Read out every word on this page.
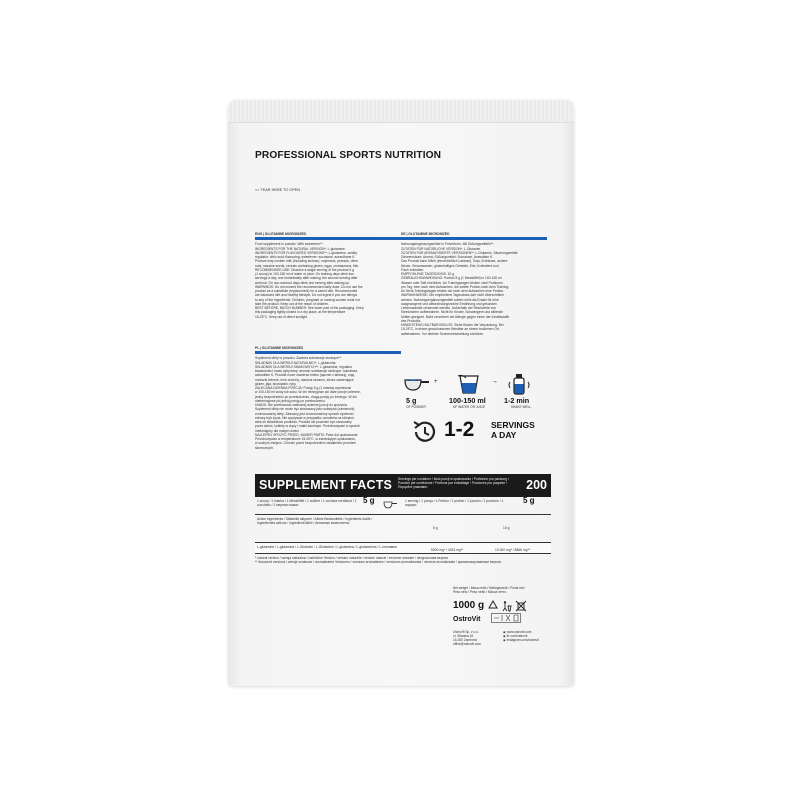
PROFESSIONAL SPORTS NUTRITION
<< TEAR HERE TO OPEN
ENG | GLUTAMINE MICRONIZED

Food supplement in powder. With sweetener**.

INGREDIENTS FOR THE NATURAL VERSION*: L-glutamine.

INGREDIENTS FOR FLAVOURED VERSIONS**: L-glutamine, acidity

regulator: citric acid; flavouring; sweetener: sucralose, acesulfame K.

Product may contain milk (including lactose), soybeans, peanuts, other

nuts, sesame seeds, cereals containing gluten, eggs, crustaceans, fish.

RECOMMENDED USE: Dissolve a single serving of the product 5 g

(1 scoop) in 100-150 ml of water or juice. On training days drink two

servings a day, one immediately after waking, the second serving after

workout. On non-workout days drink one serving after waking up.

WARNINGS: Do not exceed the recommended daily dose. Do not use the

product as a substitute (replacement) for a varied diet. Recommended

are balanced diet and healthy lifestyle. Do not ingest if you are allergic

to any of the ingredients. Children, pregnant or nursing women must not

take the product. Keep out of the reach of children.

BEST BEFORE, BATCH NUMBER: See lower part of the packaging. Keep

this packaging tightly closed in a dry place, at the temperature

15-25°C. Keep out of direct sunlight.

PL | GLUTAMINE MICRONIZED

Suplement diety w proszku. Zawiera substancje słodzące**.

SKŁADNIKI DLA WERSJI NATURALNEJ*: L-glutamina.

SKŁADNIKI DLA WERSJI SMAKOWYCH**: L-glutamina, regulator

kwasowości: kwas cytrynowy; aromat; substancje słodzące: sukraloza,

acesulfam K. Produkt może zawierać mleko (łącznie z laktozą), soję,

orzeszki ziemne, inne orzechy, nasiona sezamu, zboża zawierające

gluten, jaja, skorupiaki, ryby.

ZALECANA DZIENNA PORCJA: Porcję 5 g (1 miarka) wymieszać

w 100-150 ml wody lub soku. W dni treningowe pić dwie porcje dziennie,

jedną bezpośrednio po przebudzeniu, drugą porcję po treningu. W dni

nietreningowe pić jedną porcję po przebudzeniu.

UWAGI: Nie przekraczać zalecanej dziennej porcji do spożycia.

Suplement diety nie może być stosowany jako substytut (zamiennik)

zróżnicowanej diety. Zalecany jest zrównoważony sposób żywienia i

zdrowy tryb życia. Nie spożywać w przypadku uczulenia na którykol-

wiek ze składników produktu. Produkt nie powinien być stosowany

przez dzieci, kobiety w ciąży i matki karmiące. Przechowywać w sposób

niedostępny dla małych dzieci.

NAJLEPIEJ SPOŻYĆ PRZED, NUMER PARTII: Patrz dół opakowania.

Przechowywać w temperaturze 15-25°C, w zamkniętym opakowaniu,

w suchym miejscu. Chronić przed bezpośrednim działaniem promieni

słonecznych.

DE | GLUTAMINE MICRONIZED

Nahrungsergänzungsmittel in Pulverform. Mit Süßungsmitteln**.

ZUTATEN FÜR NATÜRLICHE VERSION*: L-Glutamin.

ZUTATEN FÜR AROMATISIERTE VERSIONEN**: L-Glutamin, Säuerungsmittel:

Zitronensäure; Aroma; Süßungsmittel: Sucralose, Acesulfam K.

Das Produkt kann Milch (einschließlich Laktose), Soja, Erdnüsse, andere

Nüsse, Sesamsamen, glutenhaltiges Getreide, Eier, Krebstiere und

Fisch enthalten.

EMPFOHLENE TAGESDOSIS: 10 g

GEBRAUCHSANWEISUNG: Portion 5 g (1 Messlöffel) in 100-150 ml

Wasser oder Saft einrühren. An Trainingstagen trinken zwei Portionen

pro Tag, eine nach dem Aufwachen, die zweite Portion nach dem Training.

An Nicht-Trainingstagen trinken sie nach dem Aufwachen eine Portion.

WARNHINWEISE: Die empfohlene Tagesdosis darf nicht überschritten

werden. Nahrungsergänzungsmittel sollten nicht als Ersatz für eine

ausgewogene und abwechslungsreiche Ernährung und gesunden

Lebenswandel verwendet werden. Außerhalb der Reichweite von

Kleinkindern aufbewahren. Nicht für Kinder, Schwangere und stillende

Mütter geeignet. Nicht verzehren bei Allergie gegen einen der Inhaltsstoffe

des Produkts.

MINDESTENS HALTBAR BIS/LOS: Siehe Boden der Verpackung. Bei

15-25°C, in einem geschlossenen Behälter an einem trockenen Ort

aufbewahren. Vor direkter Sonneneinstrahlung schützen.

+	→
5 g
OF POWDER
100-150 ml
OF WATER OR JUICE
1-2 min
SHAKE WELL
1-2 SERVINGS
A DAY
SUPPLEMENT FACTS Servings per container / Ilość porcji w opakowaniu / Portionen pro packung / Porzioni per confezione / Portions par emballage / Porciones por paquete / Порций в упаковке:	200
1 scoop / 1 miarka / 1 Messlöffel / 1 cuillère / 1 cuchara medidora / 1 cucchiaio / 1 мерная ложка:
5 g	1 serving / 1 porcja / 1 Portion / 1 portion / 1 porción / 1 porzione / 1 порция:
5 g
Active ingredients / Składniki aktywne / Aktive Bestandteile / Ingrédients Actifs / Ingredientes activos / Ingredienti Attivi / Активные компоненты
5 g	10 g
L-glutamine / L-glutamina / L-Glutamin / L-Glutamine / L-glutamina / L-glutammina / L-глютамин
5000 mg* / 4433 mg**	10 000 mg* / 8866 mg**
* natural version / wersja naturalna / natürliche Version / version naturelle / versión natural / versione naturale / натуральная версия.
** flavoured versions / wersje smakowe / aromatisierte Versionen / versions aromatisées / versiones aromatizadas / versioni aromatizzate / ароматизированные версии.
Net weight / Masa netto / Nettogewicht / Poids net / Peso neto / Peso netto / Масса нетто
1000 g
OstroVit
OstroVit Sp. z o.o.
ul. Sitarska 16
16-300 Zambrów
office@ostrovit.com
◉ www.ostrovit.com
◉ fb.com/ostrovit
◉ instagram.com/ostrovit
